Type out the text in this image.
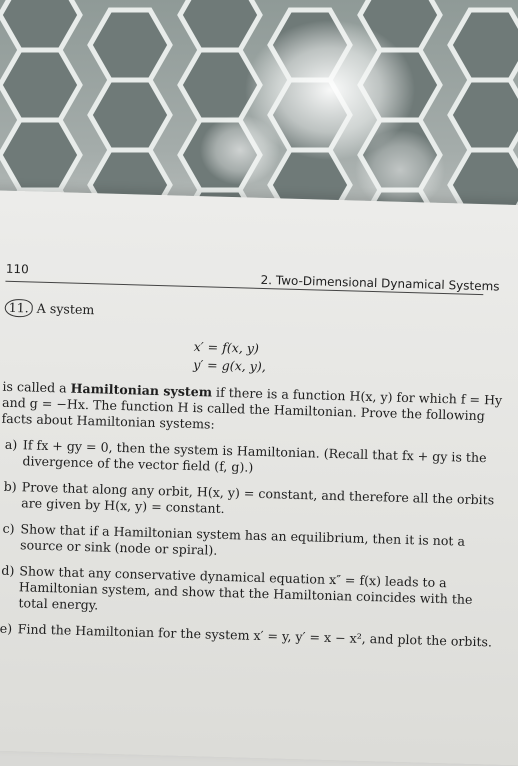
110
2. Two-Dimensional Dynamical Systems
11. A system
x′ = f(x, y)
y′ = g(x, y),

is called a Hamiltonian system if there is a function H(x, y) for which f = Hy and g = −Hx. The function H is called the Hamiltonian. Prove the following facts about Hamiltonian systems:

a) If fx + gy = 0, then the system is Hamiltonian. (Recall that fx + gy is the divergence of the vector field (f, g).)
b) Prove that along any orbit, H(x, y) = constant, and therefore all the orbits are given by H(x, y) = constant.
c) Show that if a Hamiltonian system has an equilibrium, then it is not a source or sink (node or spiral).
d) Show that any conservative dynamical equation x″ = f(x) leads to a Hamiltonian system, and show that the Hamiltonian coincides with the total energy.
e) Find the Hamiltonian for the system x′ = y, y′ = x − x², and plot the orbits.
